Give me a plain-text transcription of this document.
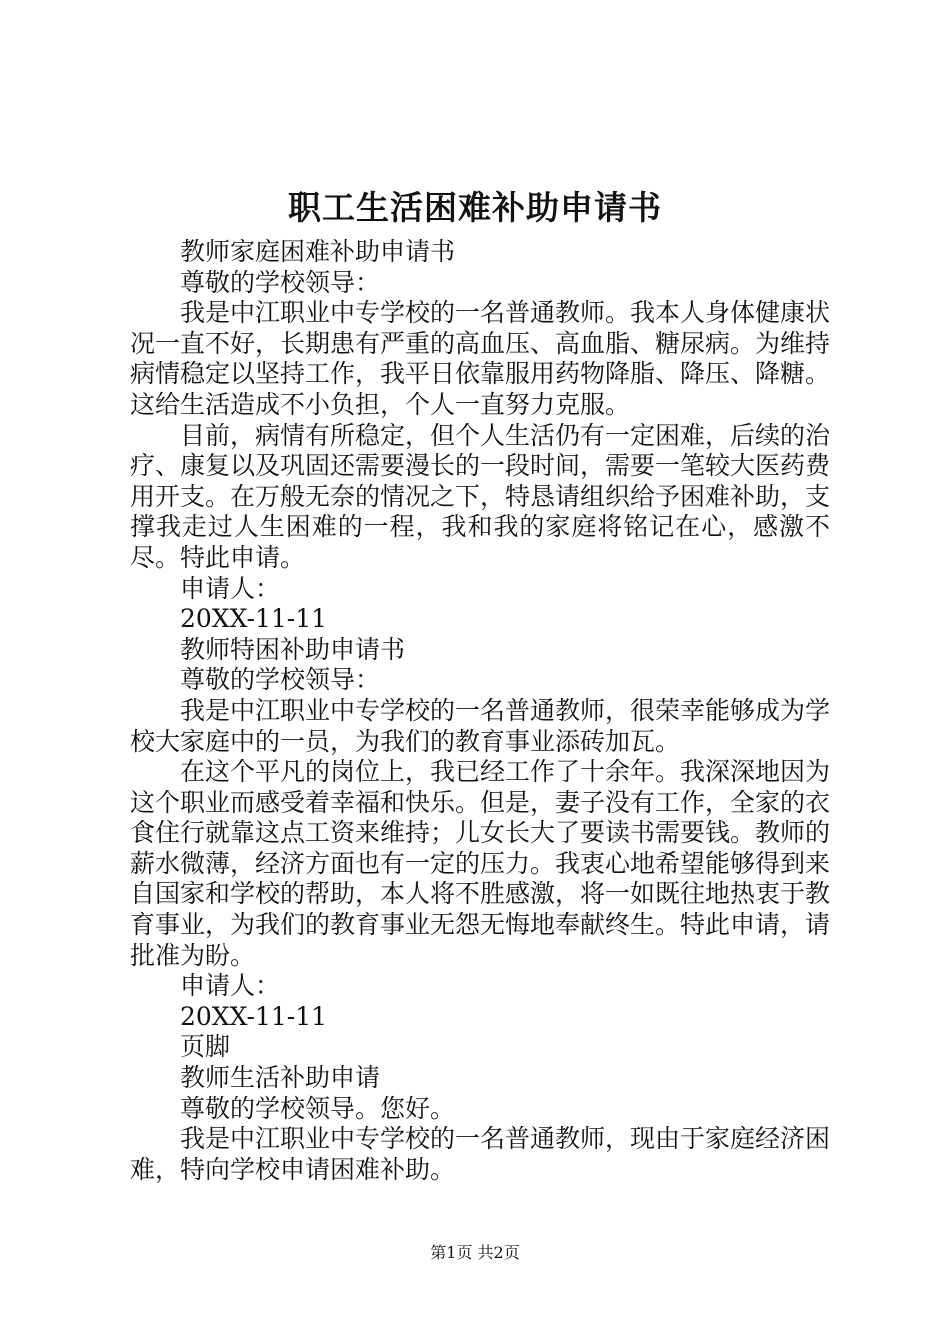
职工生活困难补助申请书

教师家庭困难补助申请书

尊敬的学校领导：

我是中江职业中专学校的一名普通教师。我本人身体健康状况一直不好，长期患有严重的高血压、高血脂、糖尿病。为维持病情稳定以坚持工作，我平日依靠服用药物降脂、降压、降糖。这给生活造成不小负担，个人一直努力克服。

目前，病情有所稳定，但个人生活仍有一定困难，后续的治疗、康复以及巩固还需要漫长的一段时间，需要一笔较大医药费用开支。在万般无奈的情况之下，特恳请组织给予困难补助，支撑我走过人生困难的一程，我和我的家庭将铭记在心，感激不尽。特此申请。

申请人：

20XX-11-11

教师特困补助申请书

尊敬的学校领导：

我是中江职业中专学校的一名普通教师，很荣幸能够成为学校大家庭中的一员，为我们的教育事业添砖加瓦。

在这个平凡的岗位上，我已经工作了十余年。我深深地因为这个职业而感受着幸福和快乐。但是，妻子没有工作，全家的衣食住行就靠这点工资来维持；儿女长大了要读书需要钱。教师的薪水微薄，经济方面也有一定的压力。我衷心地希望能够得到来自国家和学校的帮助，本人将不胜感激，将一如既往地热衷于教育事业，为我们的教育事业无怨无悔地奉献终生。特此申请，请批准为盼。

申请人：

20XX-11-11

页脚

教师生活补助申请

尊敬的学校领导。您好。

我是中江职业中专学校的一名普通教师，现由于家庭经济困难，特向学校申请困难补助。

第1页 共2页
